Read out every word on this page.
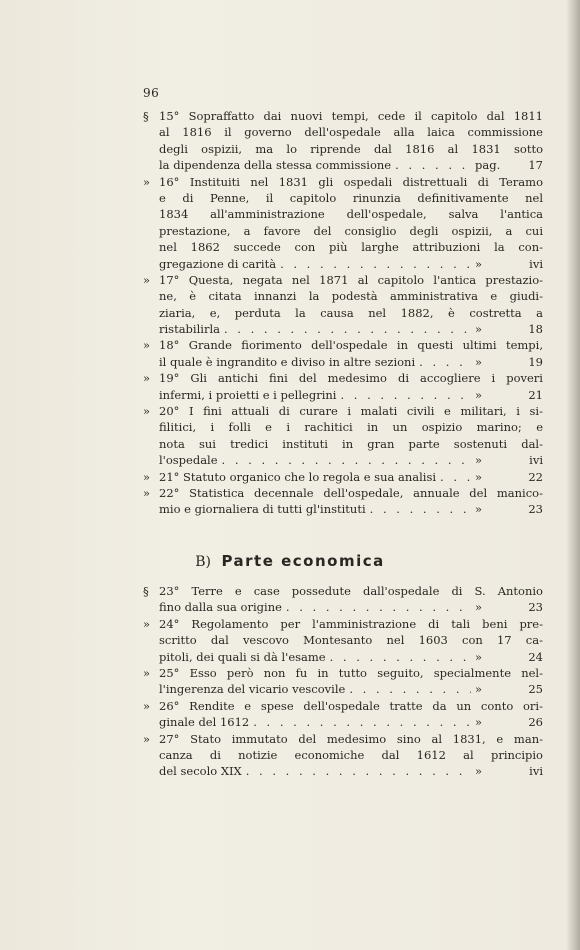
96
§ 15° Sopraffatto dai nuovi tempi, cede il capitolo dal 1811
al 1816 il governo dell'ospedale alla laica commissione
degli ospizii, ma lo riprende dal 1816 al 1831 sotto
la dipendenza della stessa commissione . . .	pag. 17
» 16° Instituiti nel 1831 gli ospedali distrettuali di Teramo
e di Penne, il capitolo rinunzia definitivamente nel
1834 all'amministrazione dell'ospedale, salva l'antica
prestazione, a favore del consiglio degli ospizii, a cui
nel 1862 succede con più larghe attribuzioni la con-
gregazione di carità . . .	»	ivi
» 17° Questa, negata nel 1871 al capitolo l'antica prestazio-
ne, è citata innanzi la podestà amministrativa e giudi-
ziaria, e, perduta la causa nel 1882, è costretta a
ristabilirla . . .	»	18
» 18° Grande fiorimento dell'ospedale in questi ultimi tempi,
il quale è ingrandito e diviso in altre sezioni . . .	»	19
» 19° Gli antichi fini del medesimo di accogliere i poveri
infermi, i proietti e i pellegrini . . .	»	21
» 20° I fini attuali di curare i malati civili e militari, i si-
filitici, i folli e i rachitici in un ospizio marino; e
nota sui tredici instituti in gran parte sostenuti dal-
l'ospedale . . .	»	ivi
» 21° Statuto organico che lo regola e sua analisi . . .	»	22
» 22° Statistica decennale dell'ospedale, annuale del manico-
mio e giornaliera di tutti gl'instituti . . .	»	23
B) Parte economica
§ 23° Terre e case possedute dall'ospedale di S. Antonio
fino dalla sua origine . . .	»	23
» 24° Regolamento per l'amministrazione di tali beni pre-
scritto dal vescovo Montesanto nel 1603 con 17 ca-
pitoli, dei quali si dà l'esame . . .	»	24
» 25° Esso però non fu in tutto seguito, specialmente nel-
l'ingerenza del vicario vescovile . . .	»	25
» 26° Rendite e spese dell'ospedale tratte da un conto ori-
ginale del 1612 . . .	»	26
» 27° Stato immutato del medesimo sino al 1831, e man-
canza di notizie economiche dal 1612 al principio
del secolo XIX . . .	»	ivi
